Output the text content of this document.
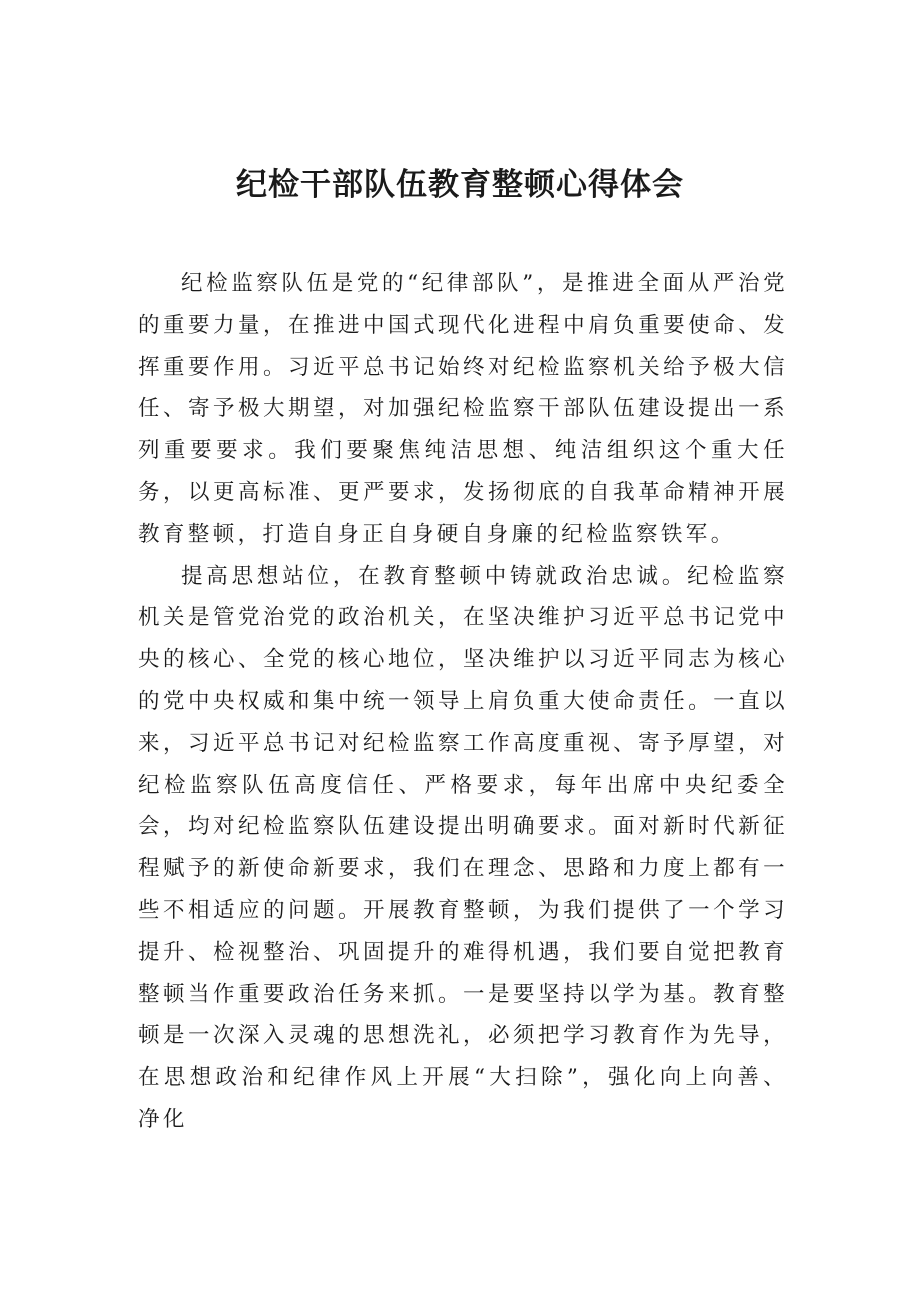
纪检干部队伍教育整顿心得体会

纪检监察队伍是党的“纪律部队”，是推进全面从严治党的重要力量，在推进中国式现代化进程中肩负重要使命、发挥重要作用。习近平总书记始终对纪检监察机关给予极大信任、寄予极大期望，对加强纪检监察干部队伍建设提出一系列重要要求。我们要聚焦纯洁思想、纯洁组织这个重大任务，以更高标准、更严要求，发扬彻底的自我革命精神开展教育整顿，打造自身正自身硬自身廉的纪检监察铁军。

提高思想站位，在教育整顿中铸就政治忠诚。纪检监察机关是管党治党的政治机关，在坚决维护习近平总书记党中央的核心、全党的核心地位，坚决维护以习近平同志为核心的党中央权威和集中统一领导上肩负重大使命责任。一直以来，习近平总书记对纪检监察工作高度重视、寄予厚望，对纪检监察队伍高度信任、严格要求，每年出席中央纪委全会，均对纪检监察队伍建设提出明确要求。面对新时代新征程赋予的新使命新要求，我们在理念、思路和力度上都有一些不相适应的问题。开展教育整顿，为我们提供了一个学习提升、检视整治、巩固提升的难得机遇，我们要自觉把教育整顿当作重要政治任务来抓。一是要坚持以学为基。教育整顿是一次深入灵魂的思想洗礼，必须把学习教育作为先导，在思想政治和纪律作风上开展“大扫除”，强化向上向善、净化
